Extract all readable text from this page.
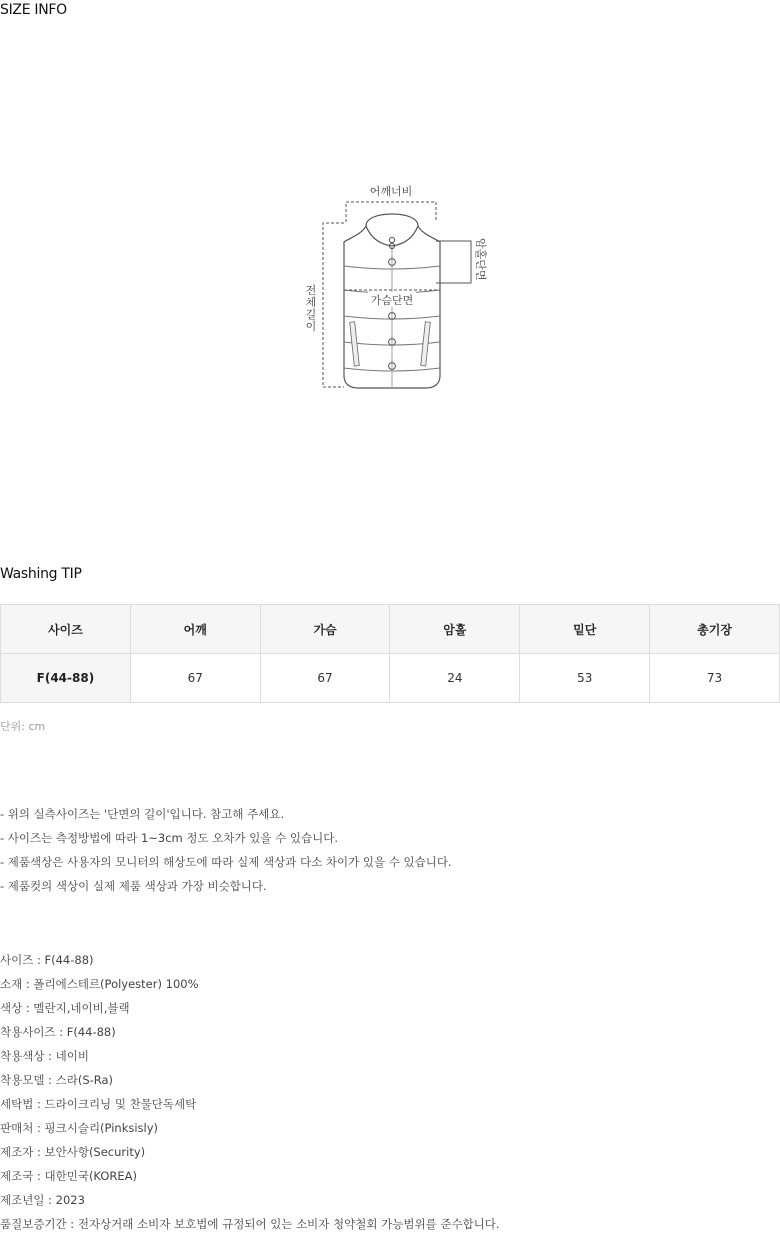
SIZE INFO
어깨너비
암홀단면
전
체
길
이
가슴단면
Washing TIP
사이즈	어깨	가슴	암홀	밑단	총기장
F(44-88)	67	67	24	53	73
단위: cm
- 위의 실측사이즈는 '단면의 길이'입니다. 참고해 주세요.
- 사이즈는 측정방법에 따라 1~3cm 정도 오차가 있을 수 있습니다.
- 제품색상은 사용자의 모니터의 해상도에 따라 실제 색상과 다소 차이가 있을 수 있습니다.
- 제품컷의 색상이 실제 제품 색상과 가장 비슷합니다.
사이즈 : F(44-88)
소재 : 폴리에스테르(Polyester) 100%
색상 : 멜란지,네이비,블랙
착용사이즈 : F(44-88)
착용색상 : 네이비
착용모델 : 스라(S-Ra)
세탁법 : 드라이크리닝 및 찬물단독세탁
판매처 : 핑크시슬리(Pinksisly)
제조자 : 보안사항(Security)
제조국 : 대한민국(KOREA)
제조년일 : 2023
품질보증기간 : 전자상거래 소비자 보호법에 규정되어 있는 소비자 청약철회 가능범위를 준수합니다.
